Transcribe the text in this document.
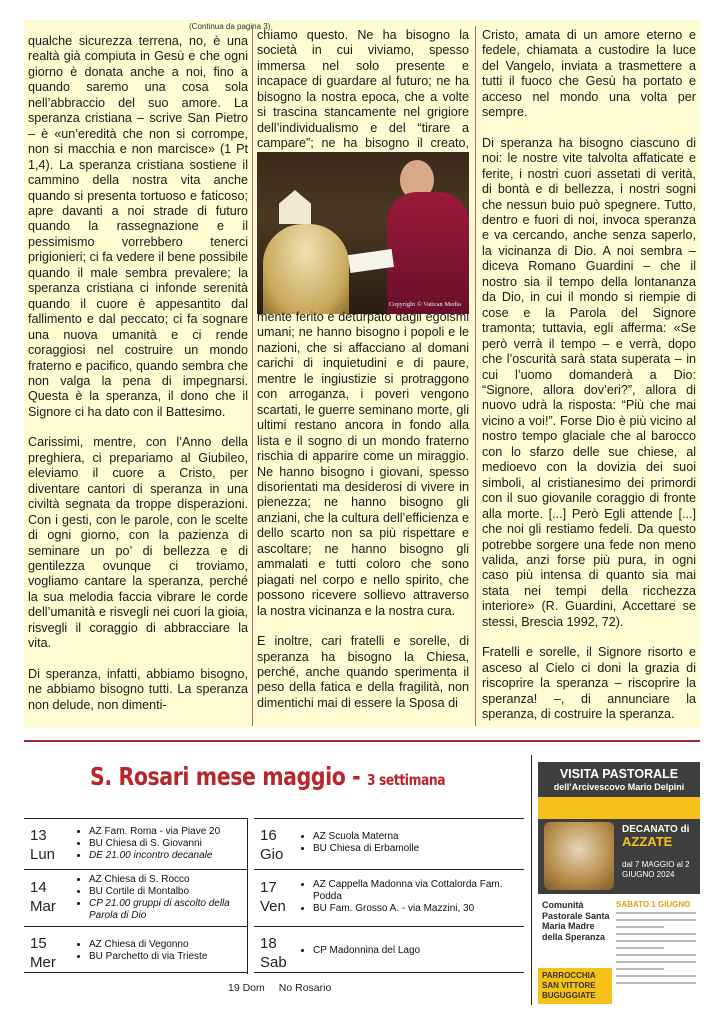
(Continua da pagina 3)

qualche sicurezza terrena, no, è una realtà già compiuta in Gesù e che ogni giorno è donata anche a noi, fino a quando saremo una cosa sola nell’abbraccio del suo amore. La speranza cristiana – scrive San Pietro – è «un’eredità che non si corrompe, non si macchia e non marcisce» (1 Pt 1,4). La speranza cristiana sostiene il cammino della nostra vita anche quando si presenta tortuoso e faticoso; apre davanti a noi strade di futuro quando la rassegnazione e il pessimismo vorrebbero tenerci prigionieri; ci fa vedere il bene possibile quando il male sembra prevalere; la speranza cristiana ci infonde serenità quando il cuore è appesantito dal fallimento e dal peccato; ci fa sognare una nuova umanità e ci rende coraggiosi nel costruire un mondo fraterno e pacifico, quando sembra che non valga la pena di impegnarsi. Questa è la speranza, il dono che il Signore ci ha dato con il Battesimo.

Carissimi, mentre, con l’Anno della preghiera, ci prepariamo al Giubileo, eleviamo il cuore a Cristo, per diventare cantori di speranza in una civiltà segnata da troppe disperazioni. Con i gesti, con le parole, con le scelte di ogni giorno, con la pazienza di seminare un po’ di bellezza e di gentilezza ovunque ci troviamo, vogliamo cantare la speranza, perché la sua melodia faccia vibrare le corde dell’umanità e risvegli nei cuori la gioia, risvegli il coraggio di abbracciare la vita.

Di speranza, infatti, abbiamo bisogno, ne abbiamo bisogno tutti. La speranza non delude, non dimenti-

chiamo questo. Ne ha bisogno la società in cui viviamo, spesso immersa nel solo presente e incapace di guardare al futuro; ne ha bisogno la nostra epoca, che a volte si trascina stancamente nel grigiore dell’individualismo e del “tirare a campare”; ne ha bisogno il creato,

Copyright © Vatican Media

mente ferito e deturpato dagli egoismi umani; ne hanno bisogno i popoli e le nazioni, che si affacciano al domani carichi di inquietudini e di paure, mentre le ingiustizie si protraggono con arroganza, i poveri vengono scartati, le guerre seminano morte, gli ultimi restano ancora in fondo alla lista e il sogno di un mondo fraterno rischia di apparire come un miraggio. Ne hanno bisogno i giovani, spesso disorientati ma desiderosi di vivere in pienezza; ne hanno bisogno gli anziani, che la cultura dell’efficienza e dello scarto non sa più rispettare e ascoltare; ne hanno bisogno gli ammalati e tutti coloro che sono piagati nel corpo e nello spirito, che possono ricevere sollievo attraverso la nostra vicinanza e la nostra cura.

E inoltre, cari fratelli e sorelle, di speranza ha bisogno la Chiesa, perché, anche quando sperimenta il peso della fatica e della fragilità, non dimentichi mai di essere la Sposa di

Cristo, amata di un amore eterno e fedele, chiamata a custodire la luce del Vangelo, inviata a trasmettere a tutti il fuoco che Gesù ha portato e acceso nel mondo una volta per sempre.

Di speranza ha bisogno ciascuno di noi: le nostre vite talvolta affaticate e ferite, i nostri cuori assetati di verità, di bontà e di bellezza, i nostri sogni che nessun buio può spegnere. Tutto, dentro e fuori di noi, invoca speranza e va cercando, anche senza saperlo, la vicinanza di Dio. A noi sembra – diceva Romano Guardini – che il nostro sia il tempo della lontananza da Dio, in cui il mondo si riempie di cose e la Parola del Signore tramonta; tuttavia, egli afferma: «Se però verrà il tempo – e verrà, dopo che l’oscurità sarà stata superata – in cui l’uomo domanderà a Dio: “Signore, allora dov’eri?”, allora di nuovo udrà la risposta: “Più che mai vicino a voi!”. Forse Dio è più vicino al nostro tempo glaciale che al barocco con lo sfarzo delle sue chiese, al medioevo con la dovizia dei suoi simboli, al cristianesimo dei primordi con il suo giovanile coraggio di fronte alla morte. [...] Però Egli attende [...] che noi gli restiamo fedeli. Da questo potrebbe sorgere una fede non meno valida, anzi forse più pura, in ogni caso più intensa di quanto sia mai stata nei tempi della ricchezza interiore» (R. Guardini, Accettare se stessi, Brescia 1992, 72).

Fratelli e sorelle, il Signore risorto e asceso al Cielo ci doni la grazia di riscoprire la speranza – riscoprire la speranza! –, di annunciare la speranza, di costruire la speranza.

S. Rosari mese maggio - 3 settimana
13
Lun
• AZ Fam. Roma - via Piave 20
• BU Chiesa di S. Giovanni
• DE 21.00 incontro decanale
14
Mar
• AZ Chiesa di S. Rocco
• BU Cortile di Montalbo
• CP 21.00 gruppi di ascolto della Parola di Dio
15
Mer
• AZ Chiesa di Vegonno
• BU Parchetto di via Trieste
16
Gio
• AZ Scuola Materna
• BU Chiesa di Erbamolle
17
Ven
• AZ Cappella Madonna via Cottalorda Fam. Podda
• BU Fam. Grosso A. - via Mazzini, 30
18
Sab
• CP Madonnina del Lago
19 Dom No Rosario
VISITA PASTORALE
dell’Arcivescovo Mario Delpini
DECANATO di
AZZATE
dal 7 MAGGIO al 2 GIUGNO 2024
Comunità Pastorale Santa Maria Madre della Speranza
SABATO 1 GIUGNO
PARROCCHIA SAN VITTORE BUGUGGIATE
